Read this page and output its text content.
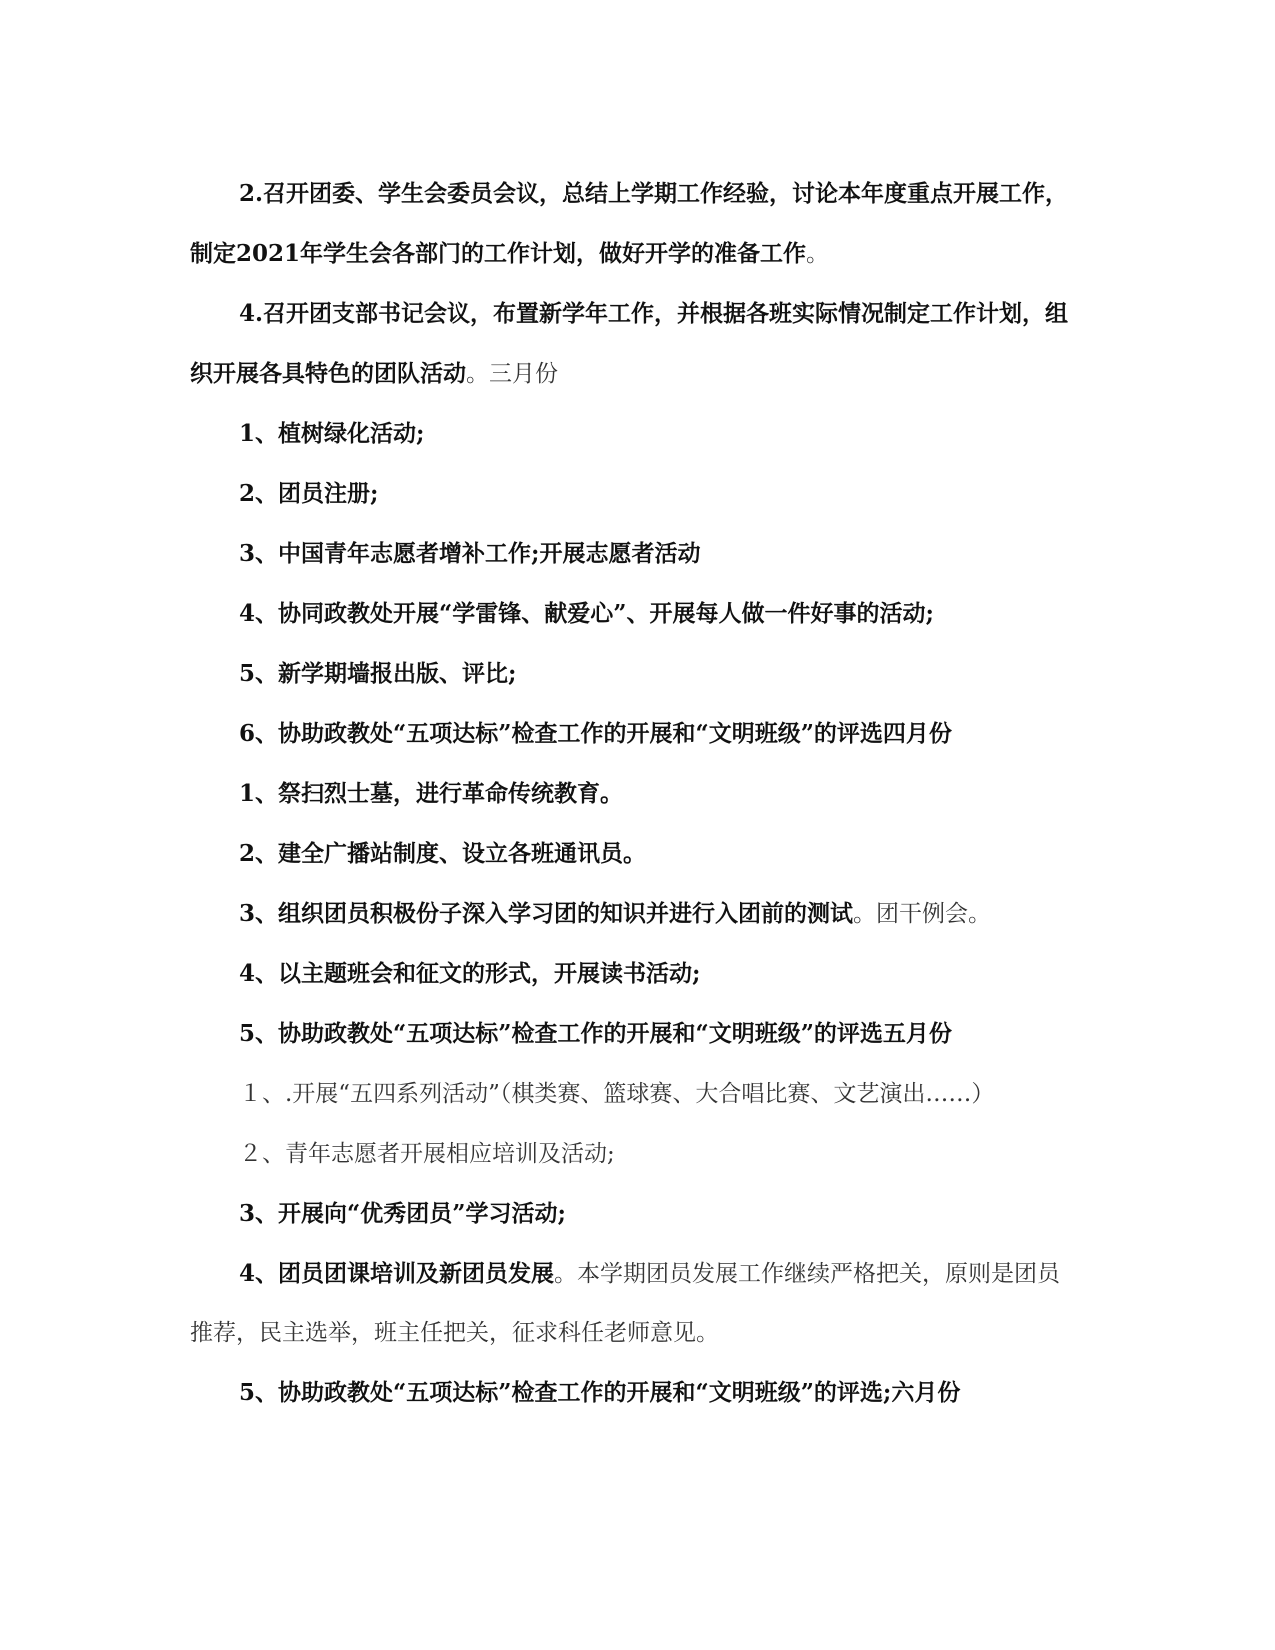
2.召开团委、学生会委员会议，总结上学期工作经验，讨论本年度重点开展工作，制定2021年学生会各部门的工作计划，做好开学的准备工作。

4.召开团支部书记会议，布置新学年工作，并根据各班实际情况制定工作计划，组织开展各具特色的团队活动。三月份

1、植树绿化活动;

2、团员注册;

3、中国青年志愿者增补工作;开展志愿者活动

4、协同政教处开展“学雷锋、献爱心”、开展每人做一件好事的活动;

5、新学期墙报出版、评比;

6、协助政教处“五项达标”检查工作的开展和“文明班级”的评选四月份

1、祭扫烈士墓，进行革命传统教育。

2、建全广播站制度、设立各班通讯员。

3、组织团员积极份子深入学习团的知识并进行入团前的测试。团干例会。

4、以主题班会和征文的形式，开展读书活动;

5、协助政教处“五项达标”检查工作的开展和“文明班级”的评选五月份

１、.开展“五四系列活动”（棋类赛、篮球赛、大合唱比赛、文艺演出……）

２、青年志愿者开展相应培训及活动;

3、开展向“优秀团员”学习活动;

4、团员团课培训及新团员发展。本学期团员发展工作继续严格把关，原则是团员推荐，民主选举，班主任把关，征求科任老师意见。

5、协助政教处“五项达标”检查工作的开展和“文明班级”的评选;六月份
